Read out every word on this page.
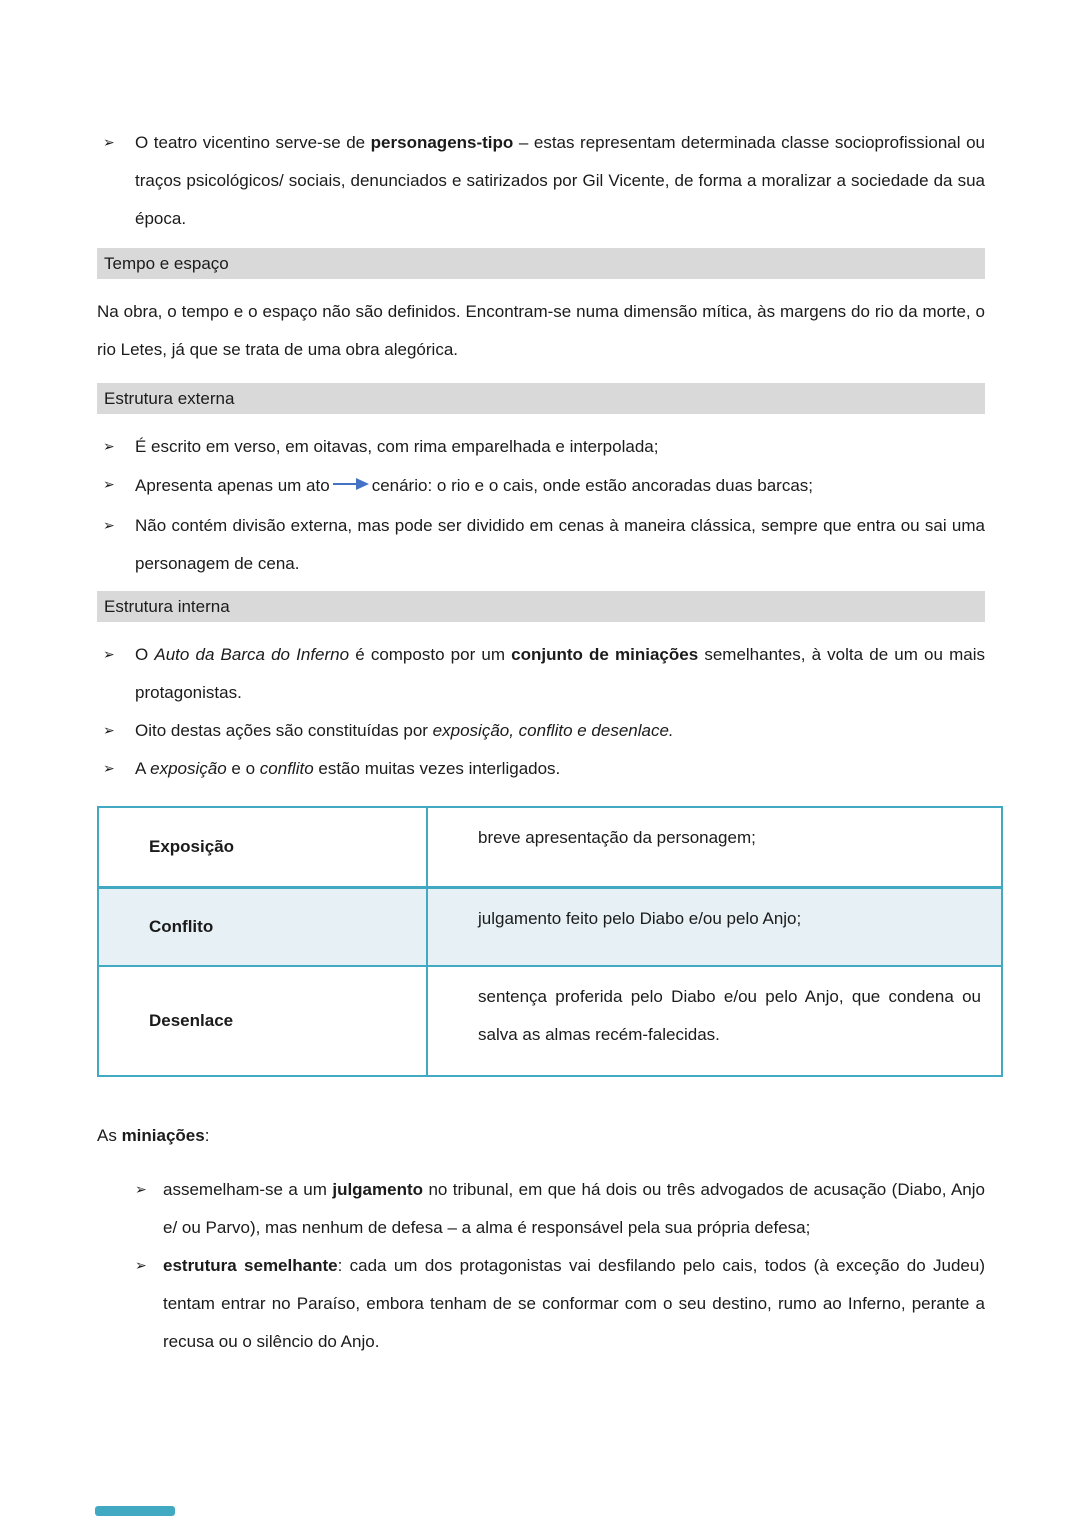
➢	O teatro vicentino serve-se de personagens-tipo – estas representam determinada classe socioprofissional ou traços psicológicos/ sociais, denunciados e satirizados por Gil Vicente, de forma a moralizar a sociedade da sua época.
Tempo e espaço

Na obra, o tempo e o espaço não são definidos. Encontram-se numa dimensão mítica, às margens do rio da morte, o rio Letes, já que se trata de uma obra alegórica.

Estrutura externa
➢	É escrito em verso, em oitavas, com rima emparelhada e interpolada;
➢	Apresenta apenas um ato cenário: o rio e o cais, onde estão ancoradas duas barcas;
➢	Não contém divisão externa, mas pode ser dividido em cenas à maneira clássica, sempre que entra ou sai uma personagem de cena.
Estrutura interna
➢	O Auto da Barca do Inferno é composto por um conjunto de miniações semelhantes, à volta de um ou mais protagonistas.
➢	Oito destas ações são constituídas por exposição, conflito e desenlace.
➢	A exposição e o conflito estão muitas vezes interligados.
Exposição	breve apresentação da personagem;
Conflito	julgamento feito pelo Diabo e/ou pelo Anjo;
Desenlace	sentença proferida pelo Diabo e/ou pelo Anjo, que condena ou salva as almas recém-falecidas.

As miniações:

➢ assemelham-se a um julgamento no tribunal, em que há dois ou três advogados de acusação (Diabo, Anjo e/ ou Parvo), mas nenhum de defesa – a alma é responsável pela sua própria defesa;
➢ estrutura semelhante: cada um dos protagonistas vai desfilando pelo cais, todos (à exceção do Judeu) tentam entrar no Paraíso, embora tenham de se conformar com o seu destino, rumo ao Inferno, perante a recusa ou o silêncio do Anjo.
